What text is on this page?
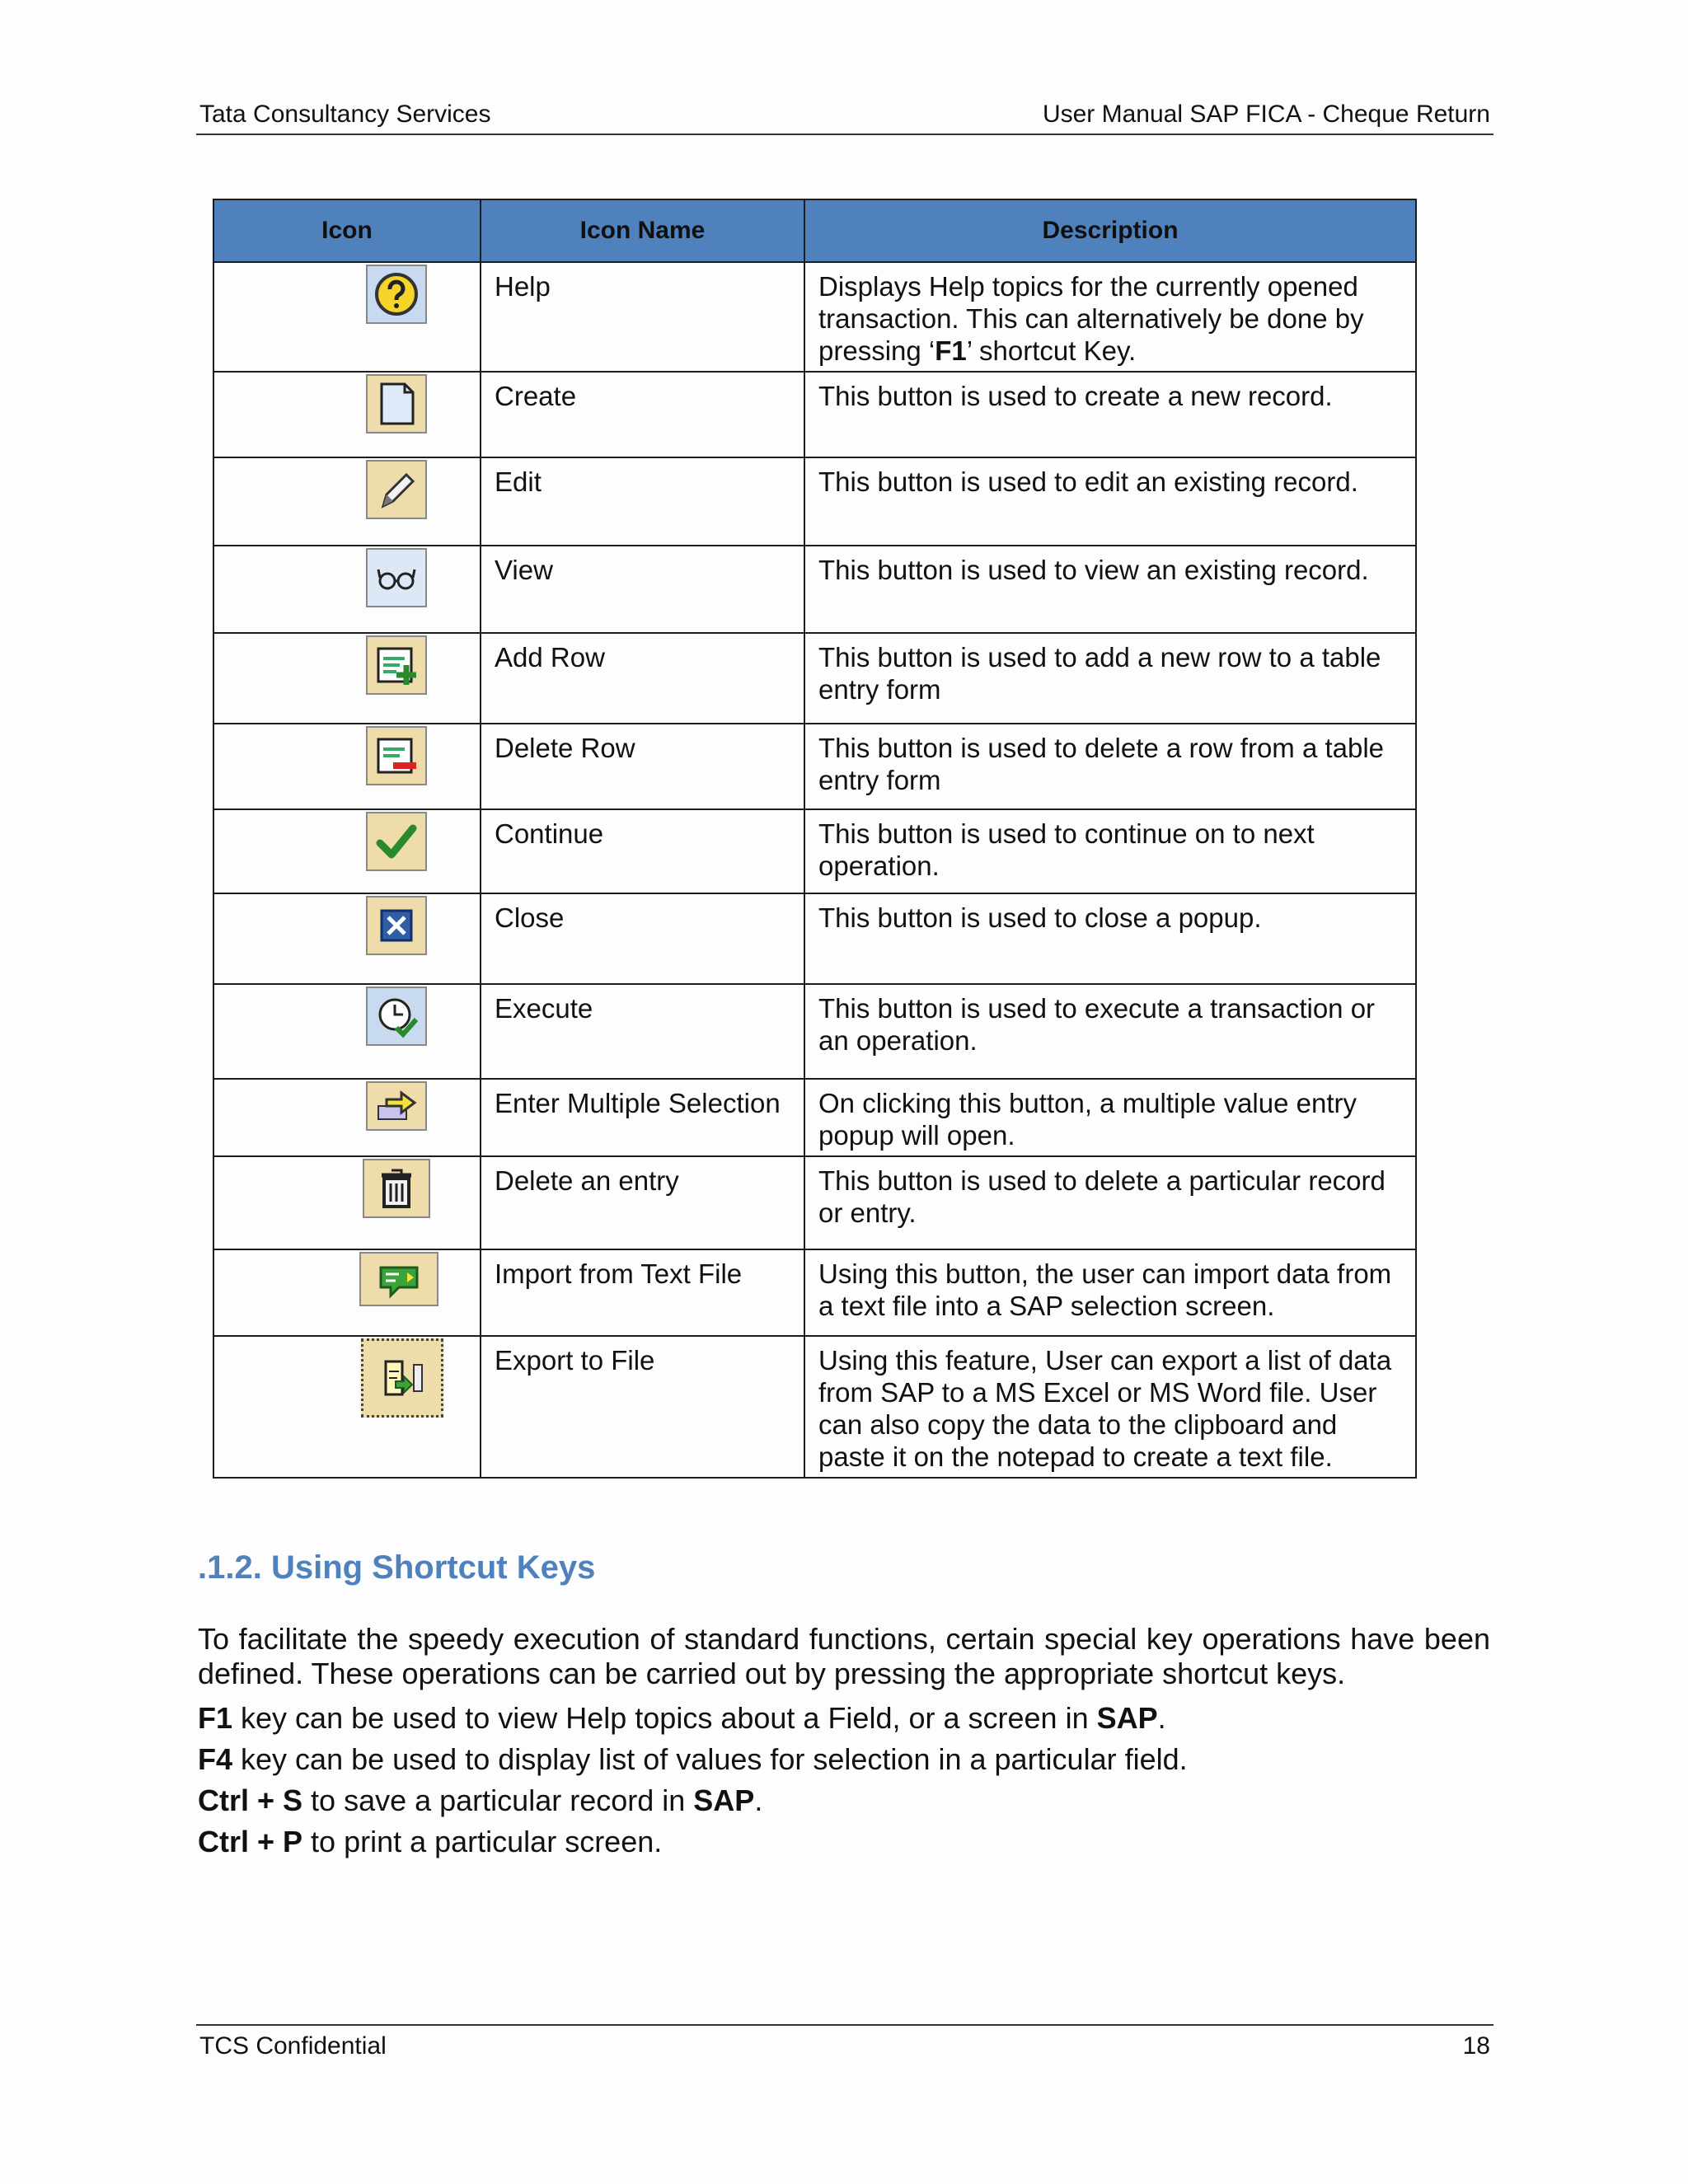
Tata Consultancy Services	User Manual SAP FICA - Cheque Return
Icon	Icon Name	Description

	Help	Displays Help topics for the currently opened transaction. This can alternatively be done by pressing ‘F1’ shortcut Key.

	Create	This button is used to create a new record.

	Edit	This button is used to edit an existing record.

	View	This button is used to view an existing record.

	Add Row	This button is used to add a new row to a table entry form

	Delete Row	This button is used to delete a row from a table entry form

	Continue	This button is used to continue on to next operation.

	Close	This button is used to close a popup.

	Execute	This button is used to execute a transaction or an operation.

	Enter Multiple Selection	On clicking this button, a multiple value entry popup will open.

	Delete an entry	This button is used to delete a particular record or entry.

	Import from Text File	Using this button, the user can import data from a text file into a SAP selection screen.

	Export to File	Using this feature, User can export a list of data from SAP to a MS Excel or MS Word file. User can also copy the data to the clipboard and paste it on the notepad to create a text file.
.1.2. Using Shortcut Keys

To facilitate the speedy execution of standard functions, certain special key operations have been defined. These operations can be carried out by pressing the appropriate shortcut keys.

F1 key can be used to view Help topics about a Field, or a screen in SAP.
F4 key can be used to display list of values for selection in a particular field.
Ctrl + S to save a particular record in SAP.
Ctrl + P to print a particular screen.
TCS Confidential	18
